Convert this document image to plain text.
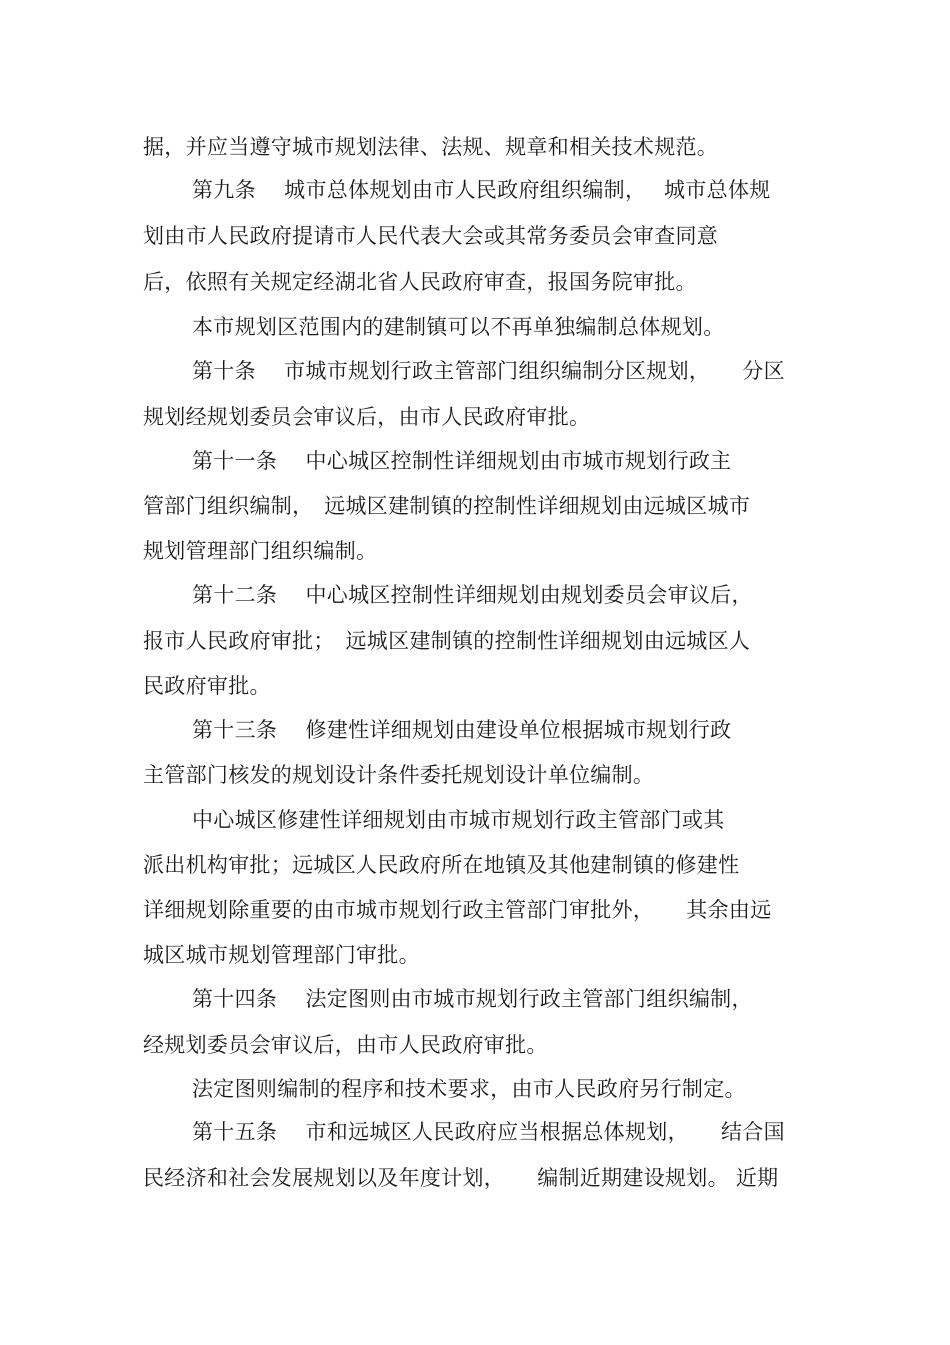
据，并应当遵守城市规划法律、法规、规章和相关技术规范。
第九条　 城市总体规划由市人民政府组织编制，　 城市总体规
划由市人民政府提请市人民代表大会或其常务委员会审查同意
后，依照有关规定经湖北省人民政府审查，报国务院审批。
本市规划区范围内的建制镇可以不再单独编制总体规划。
第十条　 市城市规划行政主管部门组织编制分区规划，　　分区
规划经规划委员会审议后，由市人民政府审批。
第十一条　 中心城区控制性详细规划由市城市规划行政主
管部门组织编制，　远城区建制镇的控制性详细规划由远城区城市
规划管理部门组织编制。
第十二条　 中心城区控制性详细规划由规划委员会审议后，
报市人民政府审批；　远城区建制镇的控制性详细规划由远城区人
民政府审批。
第十三条　 修建性详细规划由建设单位根据城市规划行政
主管部门核发的规划设计条件委托规划设计单位编制。
中心城区修建性详细规划由市城市规划行政主管部门或其
派出机构审批；远城区人民政府所在地镇及其他建制镇的修建性
详细规划除重要的由市城市规划行政主管部门审批外，　　其余由远
城区城市规划管理部门审批。
第十四条　 法定图则由市城市规划行政主管部门组织编制，
经规划委员会审议后，由市人民政府审批。
法定图则编制的程序和技术要求，由市人民政府另行制定。
第十五条　 市和远城区人民政府应当根据总体规划，　　结合国
民经济和社会发展规划以及年度计划，　　编制近期建设规划。 近期
